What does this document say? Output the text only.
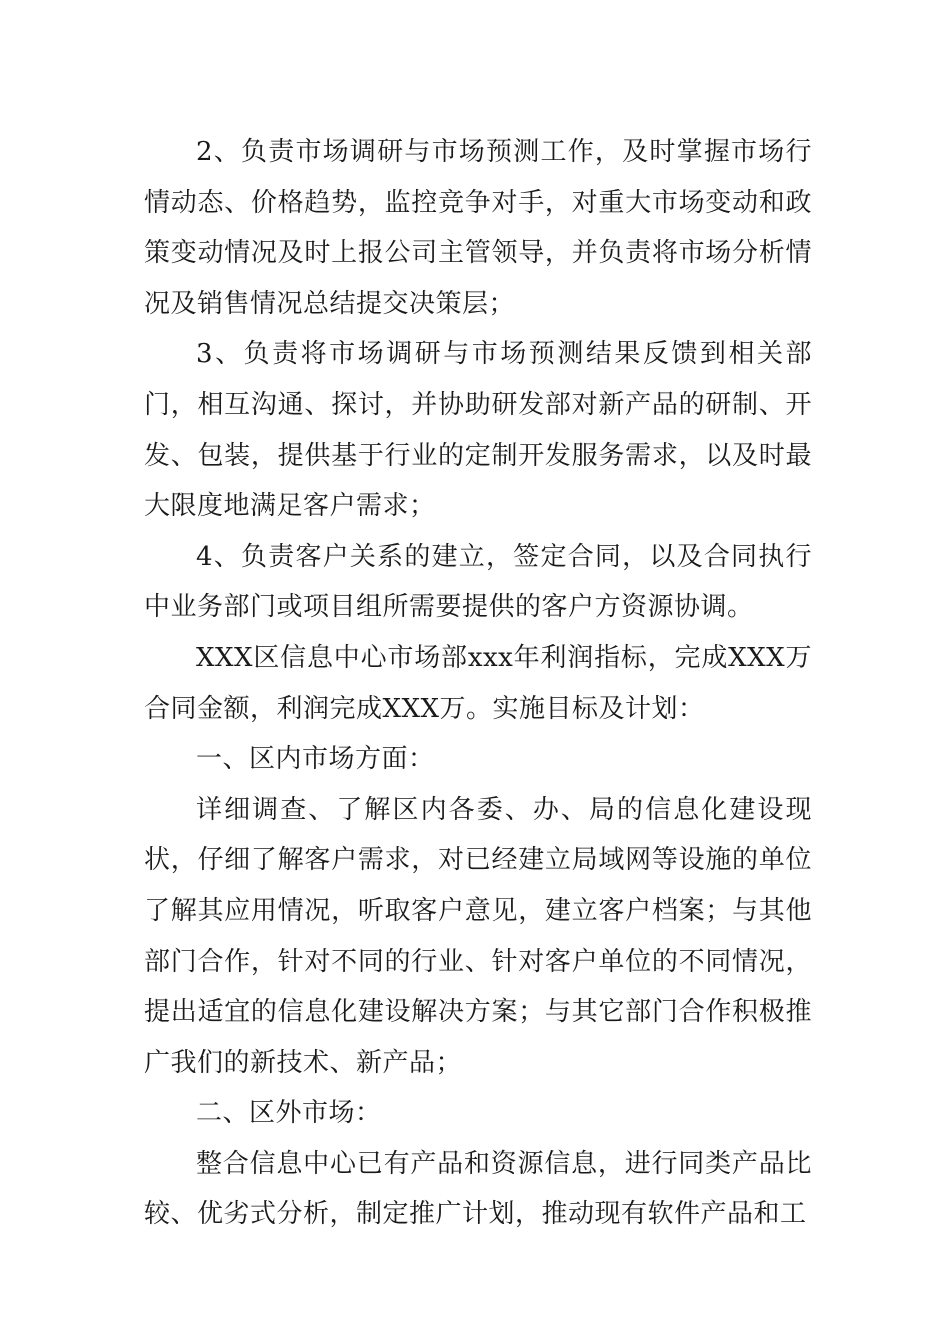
2、负责市场调研与市场预测工作，及时掌握市场行情动态、价格趋势，监控竞争对手，对重大市场变动和政策变动情况及时上报公司主管领导，并负责将市场分析情况及销售情况总结提交决策层；

3、负责将市场调研与市场预测结果反馈到相关部门，相互沟通、探讨，并协助研发部对新产品的研制、开发、包装，提供基于行业的定制开发服务需求，以及时最大限度地满足客户需求；

4、负责客户关系的建立，签定合同，以及合同执行中业务部门或项目组所需要提供的客户方资源协调。

XXX区信息中心市场部xxx年利润指标，完成XXX万合同金额，利润完成XXX万。实施目标及计划：

一、区内市场方面：

详细调查、了解区内各委、办、局的信息化建设现状，仔细了解客户需求，对已经建立局域网等设施的单位了解其应用情况，听取客户意见，建立客户档案；与其他部门合作，针对不同的行业、针对客户单位的不同情况，提出适宜的信息化建设解决方案；与其它部门合作积极推广我们的新技术、新产品；

二、区外市场：

整合信息中心已有产品和资源信息，进行同类产品比较、优劣式分析，制定推广计划，推动现有软件产品和工
